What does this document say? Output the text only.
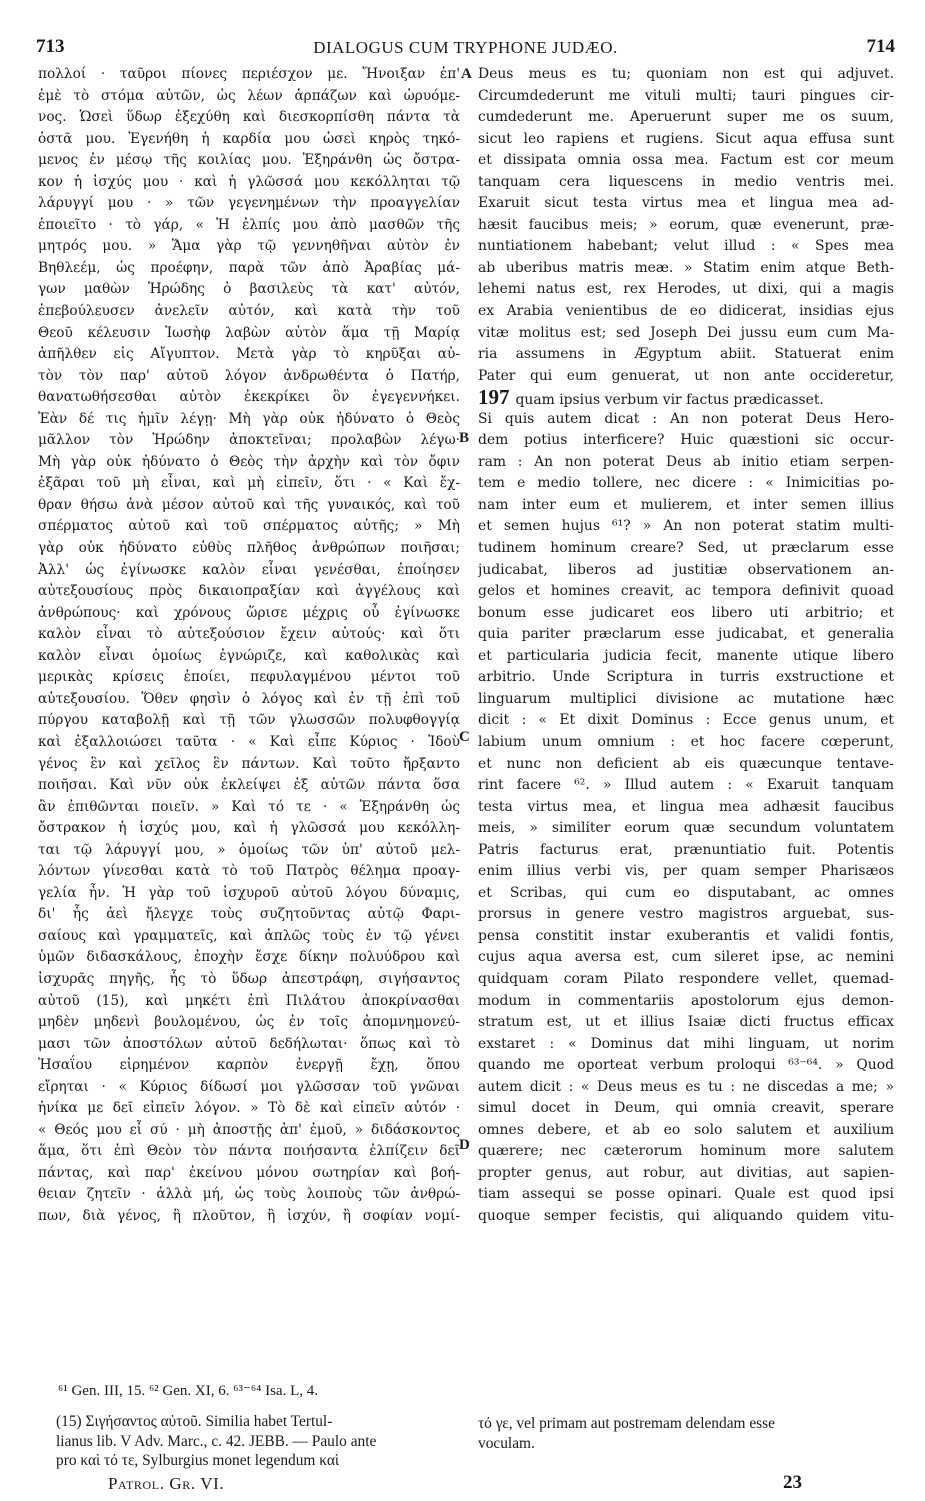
713	DIALOGUS CUM TRYPHONE JUDÆO.	714
πολλοί · ταῦροι πίονες περιέσχον με. Ἤνοιξαν ἐπ'
ἐμὲ τὸ στόμα αὐτῶν, ὡς λέων ἁρπάζων καὶ ὠρυόμε-
νος. Ὡσεὶ ὕδωρ ἐξεχύθη καὶ διεσκορπίσθη πάντα τὰ
ὀστᾶ μου. Ἐγενήθη ἡ καρδία μου ὡσεὶ κηρὸς τηκό-
μενος ἐν μέσῳ τῆς κοιλίας μου. Ἐξηράνθη ὡς ὄστρα-
κον ἡ ἰσχύς μου · καὶ ἡ γλῶσσά μου κεκόλληται τῷ
λάρυγγί μου · » τῶν γεγενημένων τὴν προαγγελίαν
ἐποιεῖτο · τὸ γάρ, « Ἡ ἐλπίς μου ἀπὸ μασθῶν τῆς
μητρός μου. » Ἅμα γὰρ τῷ γεννηθῆναι αὐτὸν ἐν
Βηθλεέμ, ὡς προέφην, παρὰ τῶν ἀπὸ Ἀραβίας μά-
γων μαθὼν Ἡρώδης ὁ βασιλεὺς τὰ κατ' αὐτόν,
ἐπεβούλευσεν ἀνελεῖν αὐτόν, καὶ κατὰ τὴν τοῦ
Θεοῦ κέλευσιν Ἰωσὴφ λαβὼν αὐτὸν ἅμα τῇ Μαρίᾳ
ἀπῆλθεν εἰς Αἴγυπτον. Μετὰ γὰρ τὸ κηρῦξαι αὐ-
τὸν τὸν παρ' αὐτοῦ λόγον ἀνδρωθέντα ὁ Πατήρ,
θανατωθήσεσθαι αὐτὸν ἐκεκρίκει ὃν ἐγεγεννήκει.
Ἐὰν δέ τις ἡμῖν λέγῃ· Μὴ γὰρ οὐκ ἠδύνατο ὁ Θεὸς
μᾶλλον τὸν Ἡρώδην ἀποκτεῖναι; προλαβὼν λέγω·
Μὴ γὰρ οὐκ ἠδύνατο ὁ Θεὸς τὴν ἀρχὴν καὶ τὸν ὄφιν
ἐξᾶραι τοῦ μὴ εἶναι, καὶ μὴ εἰπεῖν, ὅτι · « Καὶ ἔχ-
θραν θήσω ἀνὰ μέσον αὐτοῦ καὶ τῆς γυναικός, καὶ τοῦ
σπέρματος αὐτοῦ καὶ τοῦ σπέρματος αὐτῆς; » Μὴ
γὰρ οὐκ ἠδύνατο εὐθὺς πλῆθος ἀνθρώπων ποιῆσαι;
Ἀλλ' ὡς ἐγίνωσκε καλὸν εἶναι γενέσθαι, ἐποίησεν
αὐτεξουσίους πρὸς δικαιοπραξίαν καὶ ἀγγέλους καὶ
ἀνθρώπους· καὶ χρόνους ὥρισε μέχρις οὗ ἐγίνωσκε
καλὸν εἶναι τὸ αὐτεξούσιον ἔχειν αὐτούς· καὶ ὅτι
καλὸν εἶναι ὁμοίως ἐγνώριζε, καὶ καθολικὰς καὶ
μερικὰς κρίσεις ἐποίει, πεφυλαγμένου μέντοι τοῦ
αὐτεξουσίου. Ὅθεν φησὶν ὁ λόγος καὶ ἐν τῇ ἐπὶ τοῦ
πύργου καταβολῇ καὶ τῇ τῶν γλωσσῶν πολυφθογγίᾳ
καὶ ἐξαλλοιώσει ταῦτα · « Καὶ εἶπε Κύριος · Ἰδοὺ
γένος ἓν καὶ χεῖλος ἓν πάντων. Καὶ τοῦτο ἤρξαντο
ποιῆσαι. Καὶ νῦν οὐκ ἐκλείψει ἐξ αὐτῶν πάντα ὅσα
ἂν ἐπιθῶνται ποιεῖν. » Καὶ τό τε · « Ἐξηράνθη ὡς
ὄστρακον ἡ ἰσχύς μου, καὶ ἡ γλῶσσά μου κεκόλλη-
ται τῷ λάρυγγί μου, » ὁμοίως τῶν ὑπ' αὐτοῦ μελ-
λόντων γίνεσθαι κατὰ τὸ τοῦ Πατρὸς θέλημα προαγ-
γελία ἦν. Ἡ γὰρ τοῦ ἰσχυροῦ αὐτοῦ λόγου δύναμις,
δι' ἧς ἀεὶ ἤλεγχε τοὺς συζητοῦντας αὐτῷ Φαρι-
σαίους καὶ γραμματεῖς, καὶ ἁπλῶς τοὺς ἐν τῷ γένει
ὑμῶν διδασκάλους, ἐποχὴν ἔσχε δίκην πολυύδρου καὶ
ἰσχυρᾶς πηγῆς, ἧς τὸ ὕδωρ ἀπεστράφη, σιγήσαντος
αὐτοῦ (15), καὶ μηκέτι ἐπὶ Πιλάτου ἀποκρίνασθαι
μηδὲν μηδενὶ βουλομένου, ὡς ἐν τοῖς ἀπομνημονεύ-
μασι τῶν ἀποστόλων αὐτοῦ δεδήλωται· ὅπως καὶ τὸ
Ἡσαΐου εἰρημένον καρπὸν ἐνεργῇ ἔχῃ, ὅπου
εἴρηται · « Κύριος δίδωσί μοι γλῶσσαν τοῦ γνῶναι
ἡνίκα με δεῖ εἰπεῖν λόγον. » Τὸ δὲ καὶ εἰπεῖν αὐτόν ·
« Θεός μου εἶ σύ · μὴ ἀποστῇς ἀπ' ἐμοῦ, » διδάσκοντος
ἅμα, ὅτι ἐπὶ Θεὸν τὸν πάντα ποιήσαντα ἐλπίζειν δεῖ
πάντας, καὶ παρ' ἐκείνου μόνου σωτηρίαν καὶ βοή-
θειαν ζητεῖν · ἀλλὰ μή, ὡς τοὺς λοιποὺς τῶν ἀνθρώ-
πων, διὰ γένος, ἢ πλοῦτον, ἢ ἰσχύν, ἢ σοφίαν νομί-
A
B
C
D
Deus meus es tu; quoniam non est qui adjuvet.
Circumdederunt me vituli multi; tauri pingues cir-
cumdederunt me. Aperuerunt super me os suum,
sicut leo rapiens et rugiens. Sicut aqua effusa sunt
et dissipata omnia ossa mea. Factum est cor meum
tanquam cera liquescens in medio ventris mei.
Exaruit sicut testa virtus mea et lingua mea ad-
hæsit faucibus meis; » eorum, quæ evenerunt, præ-
nuntiationem habebant; velut illud : « Spes mea
ab uberibus matris meæ. » Statim enim atque Beth-
lehemi natus est, rex Herodes, ut dixi, qui a magis
ex Arabia venientibus de eo didicerat, insidias ejus
vitæ molitus est; sed Joseph Dei jussu eum cum Ma-
ria assumens in Ægyptum abiit. Statuerat enim
Pater qui eum genuerat, ut non ante occideretur,
197 quam ipsius verbum vir factus prædicasset.
Si quis autem dicat : An non poterat Deus Hero-
dem potius interficere? Huic quæstioni sic occur-
ram : An non poterat Deus ab initio etiam serpen-
tem e medio tollere, nec dicere : « Inimicitias po-
nam inter eum et mulierem, et inter semen illius
et semen hujus ⁶¹? » An non poterat statim multi-
tudinem hominum creare? Sed, ut præclarum esse
judicabat, liberos ad justitiæ observationem an-
gelos et homines creavit, ac tempora definivit quoad
bonum esse judicaret eos libero uti arbitrio; et
quia pariter præclarum esse judicabat, et generalia
et particularia judicia fecit, manente utique libero
arbitrio. Unde Scriptura in turris exstructione et
linguarum multiplici divisione ac mutatione hæc
dicit : « Et dixit Dominus : Ecce genus unum, et
labium unum omnium : et hoc facere cœperunt,
et nunc non deficient ab eis quæcunque tentave-
rint facere ⁶². » Illud autem : « Exaruit tanquam
testa virtus mea, et lingua mea adhæsit faucibus
meis, » similiter eorum quæ secundum voluntatem
Patris facturus erat, prænuntiatio fuit. Potentis
enim illius verbi vis, per quam semper Pharisæos
et Scribas, qui cum eo disputabant, ac omnes
prorsus in genere vestro magistros arguebat, sus-
pensa constitit instar exuberantis et validi fontis,
cujus aqua aversa est, cum sileret ipse, ac nemini
quidquam coram Pilato respondere vellet, quemad-
modum in commentariis apostolorum ejus demon-
stratum est, ut et illius Isaiæ dicti fructus efficax
exstaret : « Dominus dat mihi linguam, ut norim
quando me oporteat verbum proloqui ⁶³⁻⁶⁴. » Quod
autem dicit : « Deus meus es tu : ne discedas a me; »
simul docet in Deum, qui omnia creavit, sperare
omnes debere, et ab eo solo salutem et auxilium
quærere; nec cæterorum hominum more salutem
propter genus, aut robur, aut divitias, aut sapien-
tiam assequi se posse opinari. Quale est quod ipsi
quoque semper fecistis, qui aliquando quidem vitu-
⁶¹ Gen. III, 15. ⁶² Gen. XI, 6. ⁶³⁻⁶⁴ Isa. L, 4.
(15) Σιγήσαντος αὐτοῦ. Similia habet Tertul-
lianus lib. V Adv. Marc., c. 42. JEBB. — Paulo ante
pro καὶ τό τε, Sylburgius monet legendum καὶ
τό γε, vel primam aut postremam delendam esse
voculam.
Patrol. Gr. VI.	23
